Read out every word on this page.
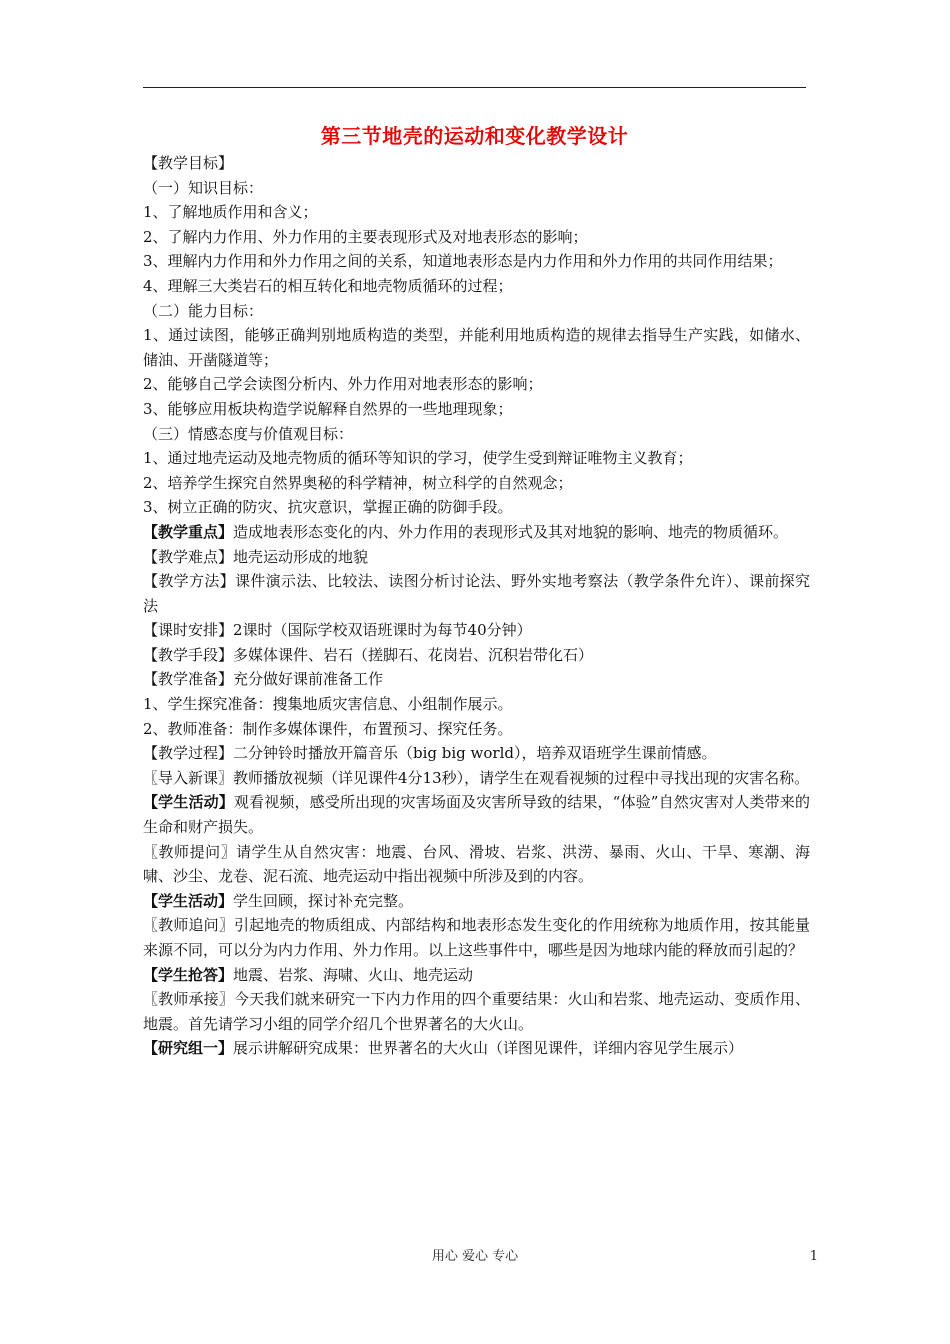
第三节地壳的运动和变化教学设计

【教学目标】

（一）知识目标：

1、了解地质作用和含义；

2、了解内力作用、外力作用的主要表现形式及对地表形态的影响；

3、理解内力作用和外力作用之间的关系，知道地表形态是内力作用和外力作用的共同作用结果；

4、理解三大类岩石的相互转化和地壳物质循环的过程；

（二）能力目标：

1、通过读图，能够正确判别地质构造的类型，并能利用地质构造的规律去指导生产实践，如储水、储油、开凿隧道等；

2、能够自己学会读图分析内、外力作用对地表形态的影响；

3、能够应用板块构造学说解释自然界的一些地理现象；

（三）情感态度与价值观目标：

1、通过地壳运动及地壳物质的循环等知识的学习，使学生受到辩证唯物主义教育；

2、培养学生探究自然界奥秘的科学精神，树立科学的自然观念；

3、树立正确的防灾、抗灾意识，掌握正确的防御手段。

【教学重点】造成地表形态变化的内、外力作用的表现形式及其对地貌的影响、地壳的物质循环。

【教学难点】地壳运动形成的地貌

【教学方法】课件演示法、比较法、读图分析讨论法、野外实地考察法（教学条件允许）、课前探究法

【课时安排】2课时（国际学校双语班课时为每节40分钟）

【教学手段】多媒体课件、岩石（搓脚石、花岗岩、沉积岩带化石）

【教学准备】充分做好课前准备工作

1、学生探究准备：搜集地质灾害信息、小组制作展示。

2、教师准备：制作多媒体课件，布置预习、探究任务。

【教学过程】二分钟铃时播放开篇音乐（big big world），培养双语班学生课前情感。

〖导入新课〗教师播放视频（详见课件4分13秒），请学生在观看视频的过程中寻找出现的灾害名称。

【学生活动】观看视频，感受所出现的灾害场面及灾害所导致的结果，“体验”自然灾害对人类带来的生命和财产损失。

〖教师提问〗请学生从自然灾害：地震、台风、滑坡、岩浆、洪涝、暴雨、火山、干旱、寒潮、海啸、沙尘、龙卷、泥石流、地壳运动中指出视频中所涉及到的内容。

【学生活动】学生回顾，探讨补充完整。

〖教师追问〗引起地壳的物质组成、内部结构和地表形态发生变化的作用统称为地质作用，按其能量来源不同，可以分为内力作用、外力作用。以上这些事件中，哪些是因为地球内能的释放而引起的？

【学生抢答】地震、岩浆、海啸、火山、地壳运动

〖教师承接〗今天我们就来研究一下内力作用的四个重要结果：火山和岩浆、地壳运动、变质作用、地震。首先请学习小组的同学介绍几个世界著名的大火山。

【研究组一】展示讲解研究成果：世界著名的大火山（详图见课件，详细内容见学生展示）

用心 爱心 专心	1
